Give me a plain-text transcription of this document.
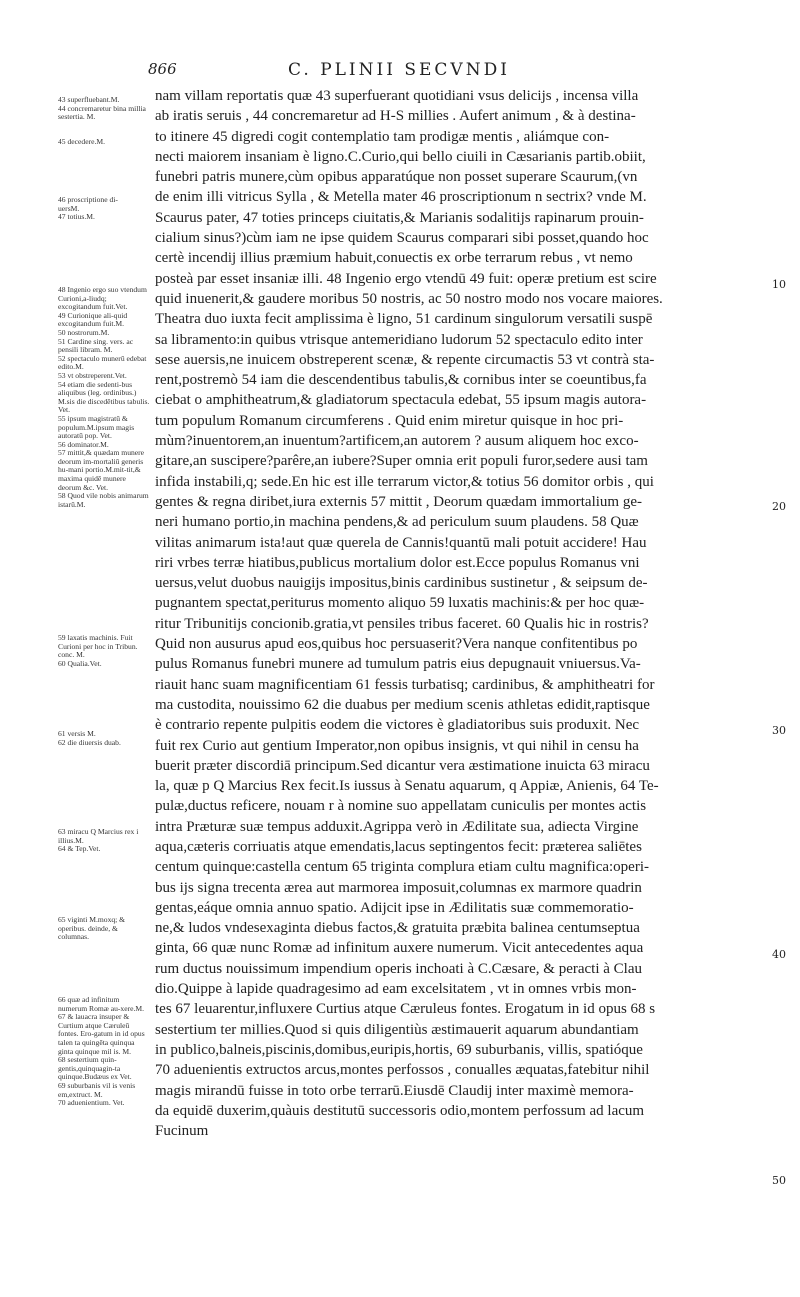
866	C. PLINII SECVNDI
43 superfluebant.M.
44 concremaretur bina millia sestertia. M.
45 decedere.M.
46 proscriptione di-
uersM.
47 totius.M.
48 Ingenio ergo suo vtendum Curioni,a-liudq; excogitandum fuit.Vet.
49 Curionique ali-quid excogitandum fuit.M.
50 nostrorum.M.
51 Cardine sing. vers. ac pensili libram. M.
52 spectaculo munerū edebat edito.M.
53 vt obstreperent.Vet.
54 etiam die sedenti-bus aliquibus (leg. ordinibus.) M.sis die discedētibus tabulis. Vet.
55 ipsum magistratū & populum.M.ipsum magis autoratū pop. Vet.
56 dominator.M.
57 mittit,& quædam munere deorum im-mortaliū generis hu-mani portio.M.mit-tit,& maxima quidē munere deorum &c. Vet.
58 Quod vile nobis animarum istarū.M.
59 laxatis machinis. Fuit Curioni per hoc in Tribun. conc. M.
60 Qualia.Vet.
61 versis M.
62 die diuersis duab.
63 miracu Q Marcius rex i illius.M.
64 & Tep.Vet.
65 viginti M.moxq; & operibus. deinde, & columnas.
66 quæ ad infinitum numerum Romæ au-xere.M.
67 & lauacra insuper & Curtium atque Cæruleū fontes. Ero-gatum in id opus talen ta quingēta quinqua ginta quinque mil is. M.
68 sestertium quin-gentis,quinquagin-ta quinque.Budæus ex Vet.
69 suburbanis vil is venis em,extruct. M.
70 aduenientium. Vet.
nam villam reportatis quæ 43 superfuerant quotidiani vsus delicijs , incensa villa
ab iratis seruis , 44 concremaretur ad H-S millies . Aufert animum , & à destina-
to itinere 45 digredi cogit contemplatio tam prodigæ mentis , aliámque con-
necti maiorem insaniam è ligno.C.Curio,qui bello ciuili in Cæsarianis partib.obiit,
funebri patris munere,cùm opibus apparatúque non posset superare Scaurum,(vn
de enim illi vitricus Sylla , & Metella mater 46 proscriptionum n sectrix? vnde M.
Scaurus pater, 47 toties princeps ciuitatis,& Marianis sodalitijs rapinarum prouin-
cialium sinus?)cùm iam ne ipse quidem Scaurus comparari sibi posset,quando hoc
certè incendij illius præmium habuit,conuectis ex orbe terrarum rebus , vt nemo
posteà par esset insaniæ illi. 48 Ingenio ergo vtendū 49 fuit: operæ pretium est scire
quid inuenerit,& gaudere moribus 50 nostris, ac 50 nostro modo nos vocare maiores.
Theatra duo iuxta fecit amplissima è ligno, 51 cardinum singulorum versatili suspē
sa libramento:in quibus vtrisque antemeridiano ludorum 52 spectaculo edito inter
sese auersis,ne inuicem obstreperent scenæ, & repente circumactis 53 vt contrà sta-
rent,postremò 54 iam die descendentibus tabulis,& cornibus inter se coeuntibus,fa
ciebat o amphitheatrum,& gladiatorum spectacula edebat, 55 ipsum magis autora-
tum populum Romanum circumferens . Quid enim miretur quisque in hoc pri-
mùm?inuentorem,an inuentum?artificem,an autorem ? ausum aliquem hoc exco-
gitare,an suscipere?parêre,an iubere?Super omnia erit populi furor,sedere ausi tam
infida instabili,q; sede.En hic est ille terrarum victor,& totius 56 domitor orbis , qui
gentes & regna diribet,iura externis 57 mittit , Deorum quædam immortalium ge-
neri humano portio,in machina pendens,& ad periculum suum plaudens. 58 Quæ
vilitas animarum ista!aut quæ querela de Cannis!quantū mali potuit accidere! Hau
riri vrbes terræ hiatibus,publicus mortalium dolor est.Ecce populus Romanus vni
uersus,velut duobus nauigijs impositus,binis cardinibus sustinetur , & seipsum de-
pugnantem spectat,periturus momento aliquo 59 luxatis machinis:& per hoc quæ-
ritur Tribunitijs concionib.gratia,vt pensiles tribus faceret. 60 Qualis hic in rostris?
Quid non ausurus apud eos,quibus hoc persuaserit?Vera nanque confitentibus po
pulus Romanus funebri munere ad tumulum patris eius depugnauit vniuersus.Va-
riauit hanc suam magnificentiam 61 fessis turbatisq; cardinibus, & amphitheatri for
ma custodita, nouissimo 62 die duabus per medium scenis athletas edidit,raptisque
è contrario repente pulpitis eodem die victores è gladiatoribus suis produxit. Nec
fuit rex Curio aut gentium Imperator,non opibus insignis, vt qui nihil in censu ha
buerit præter discordiā principum.Sed dicantur vera æstimatione inuicta 63 miracu
la, quæ p Q Marcius Rex fecit.Is iussus à Senatu aquarum, q Appiæ, Anienis, 64 Te-
pulæ,ductus reficere, nouam r à nomine suo appellatam cuniculis per montes actis
intra Præturæ suæ tempus adduxit.Agrippa verò in Ædilitate sua, adiecta Virgine
aqua,cæteris corriuatis atque emendatis,lacus septingentos fecit: præterea saliētes
centum quinque:castella centum 65 triginta complura etiam cultu magnifica:operi-
bus ijs signa trecenta ærea aut marmorea imposuit,columnas ex marmore quadrin
gentas,eáque omnia annuo spatio. Adijcit ipse in Ædilitatis suæ commemoratio-
ne,& ludos vndesexaginta diebus factos,& gratuita præbita balinea centumseptua
ginta, 66 quæ nunc Romæ ad infinitum auxere numerum. Vicit antecedentes aqua
rum ductus nouissimum impendium operis inchoati à C.Cæsare, & peracti à Clau
dio.Quippe à lapide quadragesimo ad eam excelsitatem , vt in omnes vrbis mon-
tes 67 leuarentur,influxere Curtius atque Cæruleus fontes. Erogatum in id opus 68 s
sestertium ter millies.Quod si quis diligentiùs æstimauerit aquarum abundantiam
in publico,balneis,piscinis,domibus,euripis,hortis, 69 suburbanis, villis, spatióque
70 aduenientis extructos arcus,montes perfossos , conualles æquatas,fatebitur nihil
magis mirandū fuisse in toto orbe terrarū.Eiusdē Claudij inter maximè memora-
da equidē duxerim,quàuis destitutū successoris odio,montem perfossum ad lacum
Fucinum
10
20
30
40
50
